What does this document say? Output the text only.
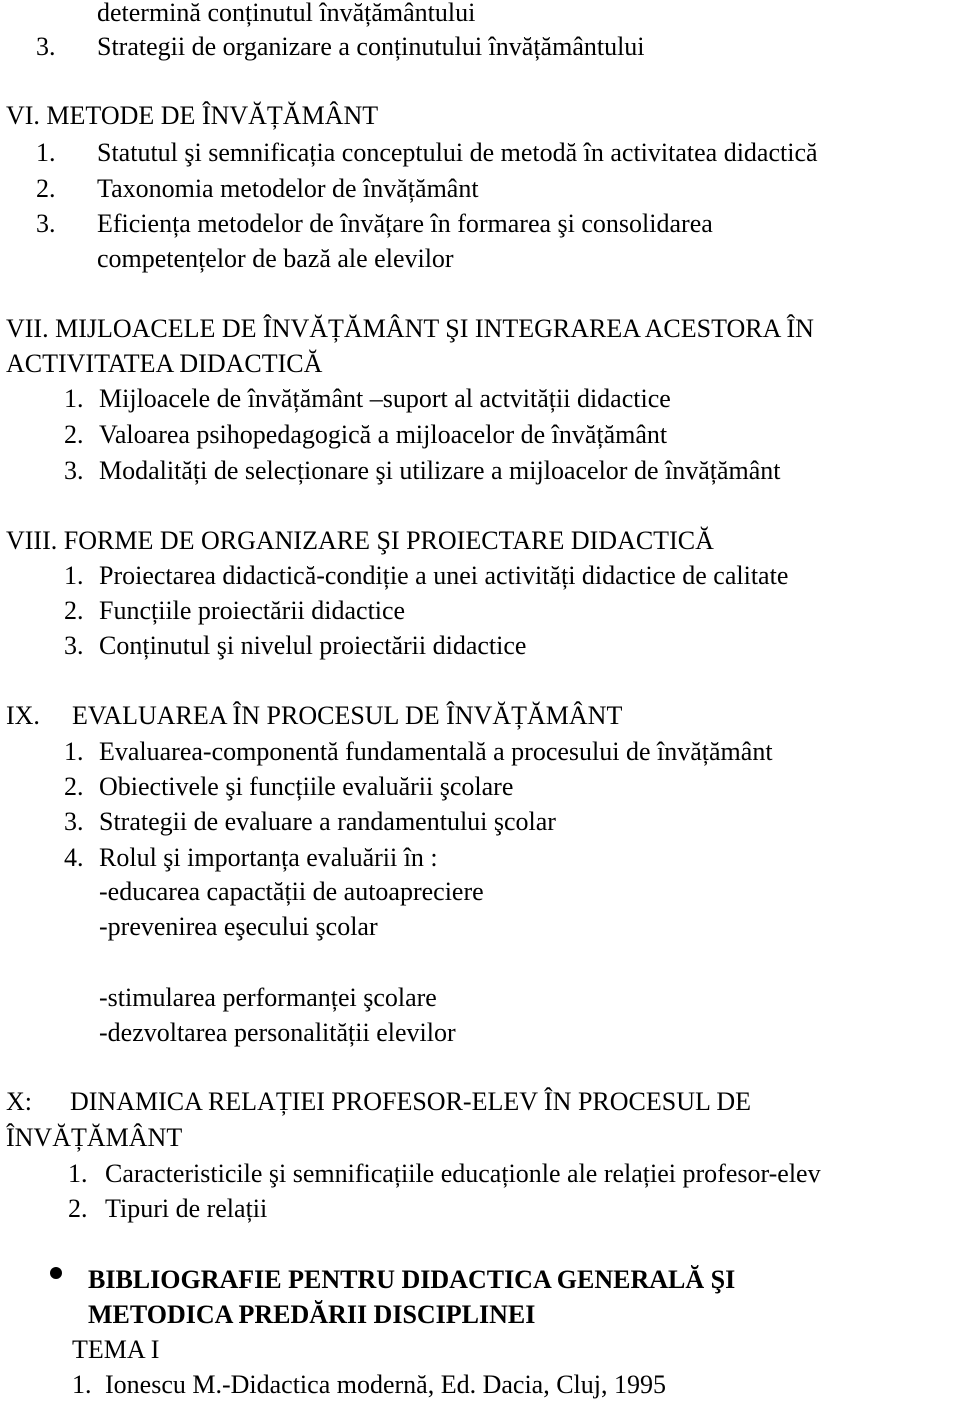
determină conținutul învățământului
3. Strategii de organizare a conținutului învățământului
VI. METODE DE ÎNVĂȚĂMÂNT
1. Statutul şi semnificația conceptului de metodă în activitatea didactică
2. Taxonomia metodelor de învățământ
3. Eficiența metodelor de învățare în formarea şi consolidarea
competențelor de bază ale elevilor
VII. MIJLOACELE DE ÎNVĂȚĂMÂNT ŞI INTEGRAREA ACESTORA ÎN
ACTIVITATEA DIDACTICĂ
1. Mijloacele de învățământ –suport al actvității didactice
2. Valoarea psihopedagogică a mijloacelor de învățământ
3. Modalități de selecționare şi utilizare a mijloacelor de învățământ
VIII. FORME DE ORGANIZARE ŞI PROIECTARE DIDACTICĂ
1. Proiectarea didactică-condiție a unei activități didactice de calitate
2. Funcțiile proiectării didactice
3. Conținutul şi nivelul proiectării didactice
IX. EVALUAREA ÎN PROCESUL DE ÎNVĂȚĂMÂNT
1. Evaluarea-componentă fundamentală a procesului de învățământ
2. Obiectivele şi funcțiile evaluării şcolare
3. Strategii de evaluare a randamentului şcolar
4. Rolul şi importanța evaluării în :
-educarea capactății de autoapreciere
-prevenirea eşecului şcolar
-stimularea performanței şcolare
-dezvoltarea personalității elevilor
X: DINAMICA RELAȚIEI PROFESOR-ELEV ÎN PROCESUL DE
ÎNVĂȚĂMÂNT
1. Caracteristicile şi semnificațiile educaționle ale relației profesor-elev
2. Tipuri de relații
BIBLIOGRAFIE PENTRU DIDACTICA GENERALĂ ŞI
METODICA PREDĂRII DISCIPLINEI
TEMA I
1. Ionescu M.-Didactica modernă, Ed. Dacia, Cluj, 1995
